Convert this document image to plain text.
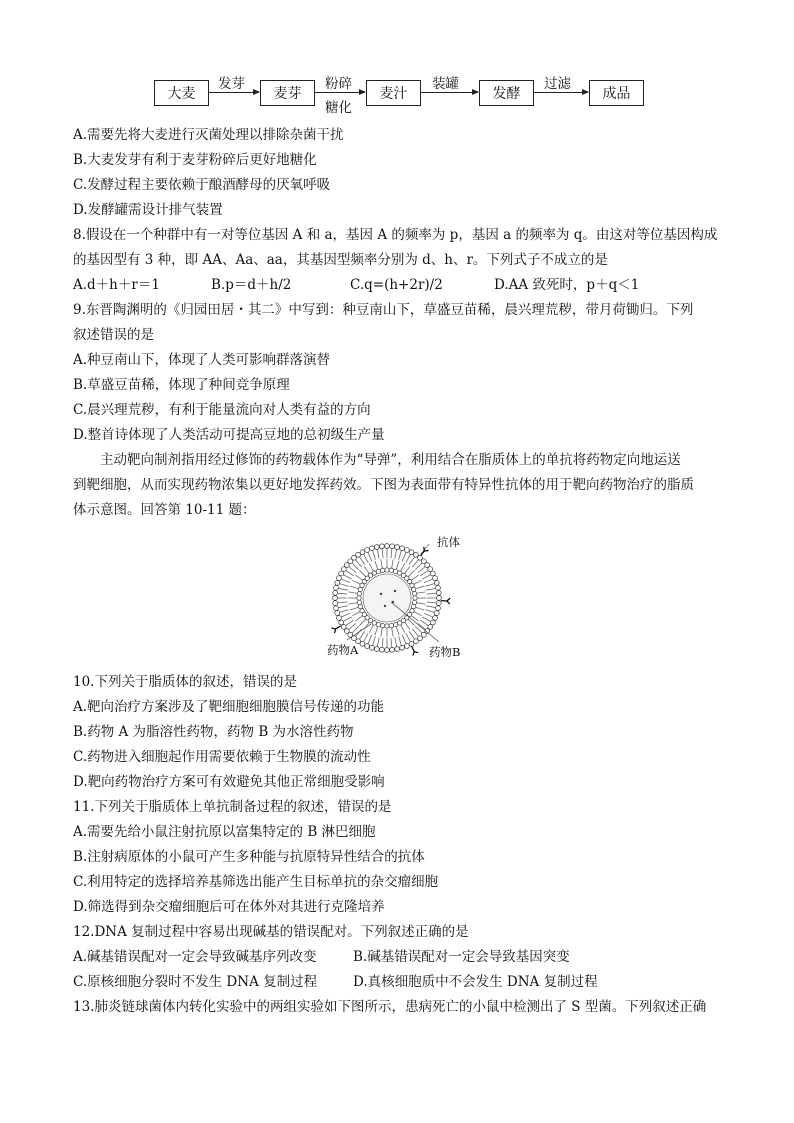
大麦
发芽
麦芽
粉碎
糖化
麦汁
装罐
发酵
过滤
成品
A.需要先将大麦进行灭菌处理以排除杂菌干扰
B.大麦发芽有利于麦芽粉碎后更好地糖化
C.发酵过程主要依赖于酿酒酵母的厌氧呼吸
D.发酵罐需设计排气装置
8.假设在一个种群中有一对等位基因 A 和 a，基因 A 的频率为 p，基因 a 的频率为 q。由这对等位基因构成
的基因型有 3 种，即 AA、Aa、aa，其基因型频率分别为 d、h、r。下列式子不成立的是
A.d＋h＋r＝1	B.p＝d＋h/2	C.q=(h+2r)/2	D.AA 致死时，p＋q＜1
9.东晋陶渊明的《归园田居・其二》中写到：种豆南山下，草盛豆苗稀，晨兴理荒秽，带月荷锄归。下列
叙述错误的是
A.种豆南山下，体现了人类可影响群落演替
B.草盛豆苗稀，体现了种间竞争原理
C.晨兴理荒秽，有利于能量流向对人类有益的方向
D.整首诗体现了人类活动可提高豆地的总初级生产量
主动靶向制剂指用经过修饰的药物载体作为“导弹”，利用结合在脂质体上的单抗将药物定向地运送
到靶细胞，从而实现药物浓集以更好地发挥药效。下图为表面带有特异性抗体的用于靶向药物治疗的脂质
体示意图。回答第 10-11 题：
抗体
药物A	药物B
10.下列关于脂质体的叙述，错误的是
A.靶向治疗方案涉及了靶细胞细胞膜信号传递的功能
B.药物 A 为脂溶性药物，药物 B 为水溶性药物
C.药物进入细胞起作用需要依赖于生物膜的流动性
D.靶向药物治疗方案可有效避免其他正常细胞受影响
11.下列关于脂质体上单抗制备过程的叙述，错误的是
A.需要先给小鼠注射抗原以富集特定的 B 淋巴细胞
B.注射病原体的小鼠可产生多种能与抗原特异性结合的抗体
C.利用特定的选择培养基筛选出能产生目标单抗的杂交瘤细胞
D.筛选得到杂交瘤细胞后可在体外对其进行克隆培养
12.DNA 复制过程中容易出现碱基的错误配对。下列叙述正确的是
A.碱基错误配对一定会导致碱基序列改变	B.碱基错误配对一定会导致基因突变
C.原核细胞分裂时不发生 DNA 复制过程	D.真核细胞质中不会发生 DNA 复制过程
13.肺炎链球菌体内转化实验中的两组实验如下图所示，患病死亡的小鼠中检测出了 S 型菌。下列叙述正确
